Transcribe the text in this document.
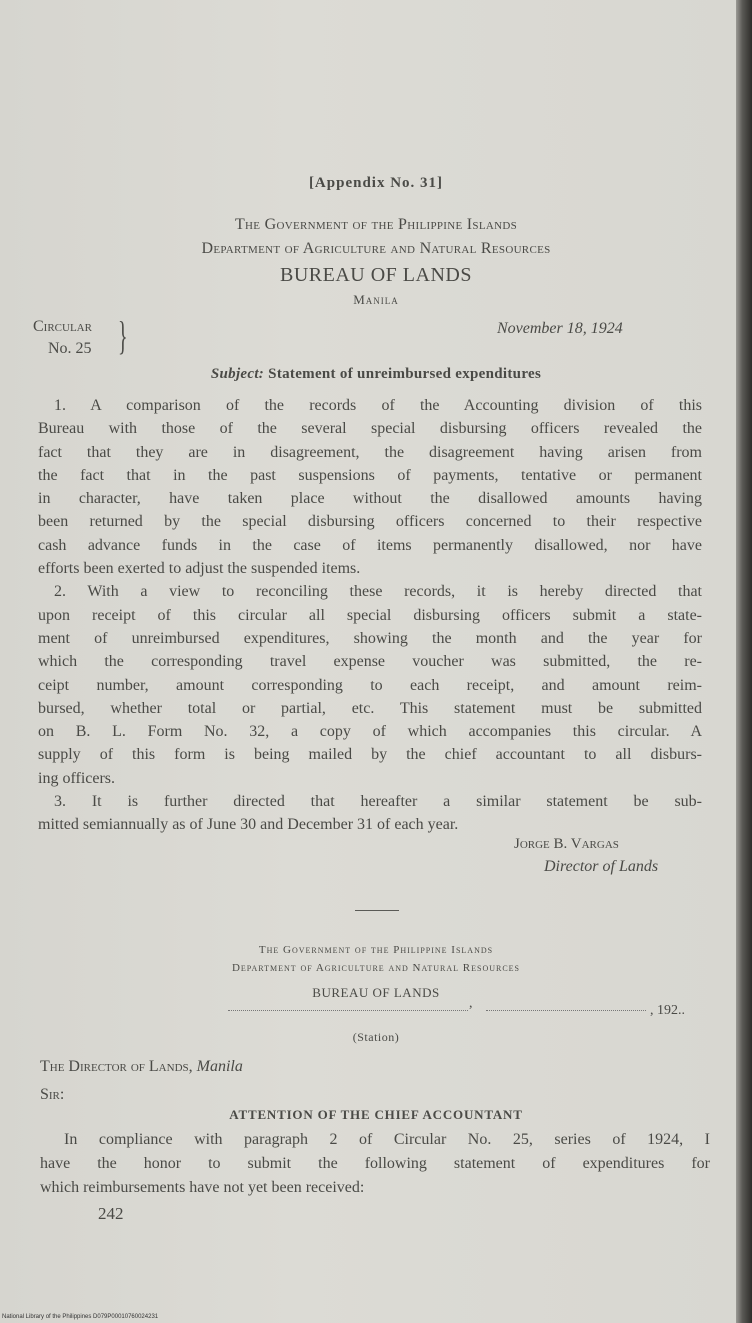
[Appendix No. 31]
The Government of the Philippine Islands
Department of Agriculture and Natural Resources
BUREAU OF LANDS
Manila
Circular
No. 25 }	November 18, 1924
Subject: Statement of unreimbursed expenditures
1. A comparison of the records of the Accounting division of this
Bureau with those of the several special disbursing officers revealed the
fact that they are in disagreement, the disagreement having arisen from
the fact that in the past suspensions of payments, tentative or permanent
in character, have taken place without the disallowed amounts having
been returned by the special disbursing officers concerned to their respective
cash advance funds in the case of items permanently disallowed, nor have
efforts been exerted to adjust the suspended items.
2. With a view to reconciling these records, it is hereby directed that
upon receipt of this circular all special disbursing officers submit a state-
ment of unreimbursed expenditures, showing the month and the year for
which the corresponding travel expense voucher was submitted, the re-
ceipt number, amount corresponding to each receipt, and amount reim-
bursed, whether total or partial, etc. This statement must be submitted
on B. L. Form No. 32, a copy of which accompanies this circular. A
supply of this form is being mailed by the chief accountant to all disburs-
ing officers.
3. It is further directed that hereafter a similar statement be sub-
mitted semiannually as of June 30 and December 31 of each year.
Jorge B. Vargas
Director of Lands
The Government of the Philippine Islands
Department of Agriculture and Natural Resources
BUREAU OF LANDS
,	, 192..
(Station)
The Director of Lands, Manila
Sir:
ATTENTION OF THE CHIEF ACCOUNTANT
In compliance with paragraph 2 of Circular No. 25, series of 1924, I
have the honor to submit the following statement of expenditures for
which reimbursements have not yet been received:
242
National Library of the Philippines D079P00010760024231
